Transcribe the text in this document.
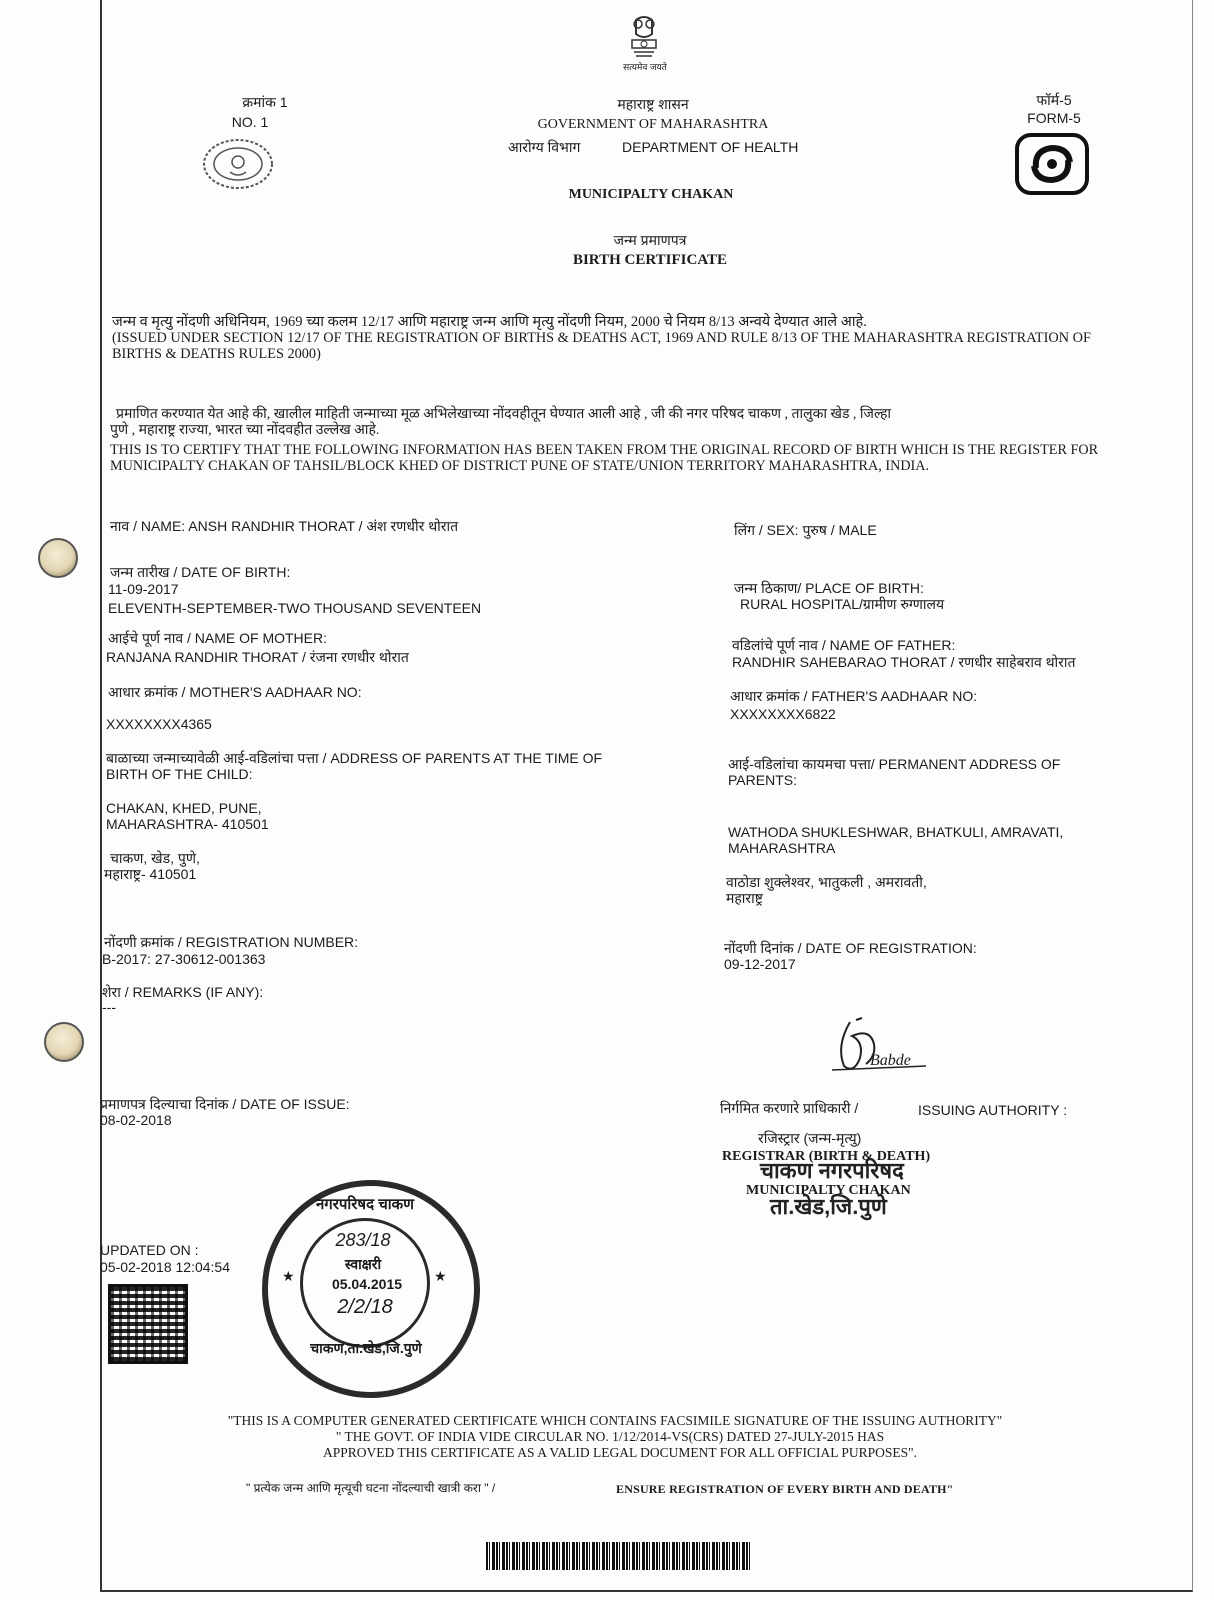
सत्यमेव जयते
क्रमांक 1
NO. 1
महाराष्ट्र शासन
GOVERNMENT OF MAHARASHTRA
आरोग्य विभाग	DEPARTMENT OF HEALTH
फॉर्म-5
FORM-5
MUNICIPALTY CHAKAN
जन्म प्रमाणपत्र
BIRTH CERTIFICATE
जन्म व मृत्यु नोंदणी अधिनियम, 1969 च्या कलम 12/17 आणि महाराष्ट्र जन्म आणि मृत्यु नोंदणी नियम, 2000 चे नियम 8/13 अन्वये देण्यात आले आहे.
(ISSUED UNDER SECTION 12/17 OF THE REGISTRATION OF BIRTHS & DEATHS ACT, 1969 AND RULE 8/13 OF THE MAHARASHTRA REGISTRATION OF
BIRTHS & DEATHS RULES 2000)
प्रमाणित करण्यात येत आहे की, खालील माहिती जन्माच्या मूळ अभिलेखाच्या नोंदवहीतून घेण्यात आली आहे , जी की नगर परिषद चाकण , तालुका खेड , जिल्हा
पुणे , महाराष्ट्र राज्या, भारत च्या नोंदवहीत उल्लेख आहे.
THIS IS TO CERTIFY THAT THE FOLLOWING INFORMATION HAS BEEN TAKEN FROM THE ORIGINAL RECORD OF BIRTH WHICH IS THE REGISTER FOR
MUNICIPALTY CHAKAN OF TAHSIL/BLOCK KHED OF DISTRICT PUNE OF STATE/UNION TERRITORY MAHARASHTRA, INDIA.
नाव / NAME: ANSH RANDHIR THORAT / अंश रणधीर थोरात
जन्म तारीख / DATE OF BIRTH:
11-09-2017
ELEVENTH-SEPTEMBER-TWO THOUSAND SEVENTEEN
आईचे पूर्ण नाव / NAME OF MOTHER:
RANJANA RANDHIR THORAT / रंजना रणधीर थोरात
आधार क्रमांक / MOTHER'S AADHAAR NO:
XXXXXXXX4365
बाळाच्या जन्माच्यावेळी आई-वडिलांचा पत्ता / ADDRESS OF PARENTS AT THE TIME OF
BIRTH OF THE CHILD:
CHAKAN, KHED, PUNE,
MAHARASHTRA- 410501
चाकण, खेड, पुणे,
महाराष्ट्र- 410501
नोंदणी क्रमांक / REGISTRATION NUMBER:
B-2017: 27-30612-001363
शेरा / REMARKS (IF ANY):
---
लिंग / SEX: पुरुष / MALE
जन्म ठिकाण/ PLACE OF BIRTH:
RURAL HOSPITAL/ग्रामीण रुग्णालय
वडिलांचे पूर्ण नाव / NAME OF FATHER:
RANDHIR SAHEBARAO THORAT / रणधीर साहेबराव थोरात
आधार क्रमांक / FATHER'S AADHAAR NO:
XXXXXXXX6822
आई-वडिलांचा कायमचा पत्ता/ PERMANENT ADDRESS OF
PARENTS:
WATHODA SHUKLESHWAR, BHATKULI, AMRAVATI,
MAHARASHTRA
वाठोडा शुक्लेश्वर, भातुकली , अमरावती,
महाराष्ट्र
नोंदणी दिनांक / DATE OF REGISTRATION:
09-12-2017
Babde
प्रमाणपत्र दिल्याचा दिनांक / DATE OF ISSUE:
08-02-2018
निर्गमित करणारे प्राधिकारी /	ISSUING AUTHORITY :
रजिस्ट्रार (जन्म-मृत्यु)
REGISTRAR (BIRTH & DEATH)
MUNICIPALTY CHAKAN
चाकण नगरपरिषद
ता.खेड,जि.पुणे
UPDATED ON :
05-02-2018 12:04:54
नगरपरिषद चाकण
283/18
स्वाक्षरी
05.04.2015
2/2/18
चाकण,ता.खेड,जि.पुणे
★	★
"THIS IS A COMPUTER GENERATED CERTIFICATE WHICH CONTAINS FACSIMILE SIGNATURE OF THE ISSUING AUTHORITY"
" THE GOVT. OF INDIA VIDE CIRCULAR NO. 1/12/2014-VS(CRS) DATED 27-JULY-2015 HAS
APPROVED THIS CERTIFICATE AS A VALID LEGAL DOCUMENT FOR ALL OFFICIAL PURPOSES".
" प्रत्येक जन्म आणि मृत्यूची घटना नोंदल्याची खात्री करा " /	ENSURE REGISTRATION OF EVERY BIRTH AND DEATH"
